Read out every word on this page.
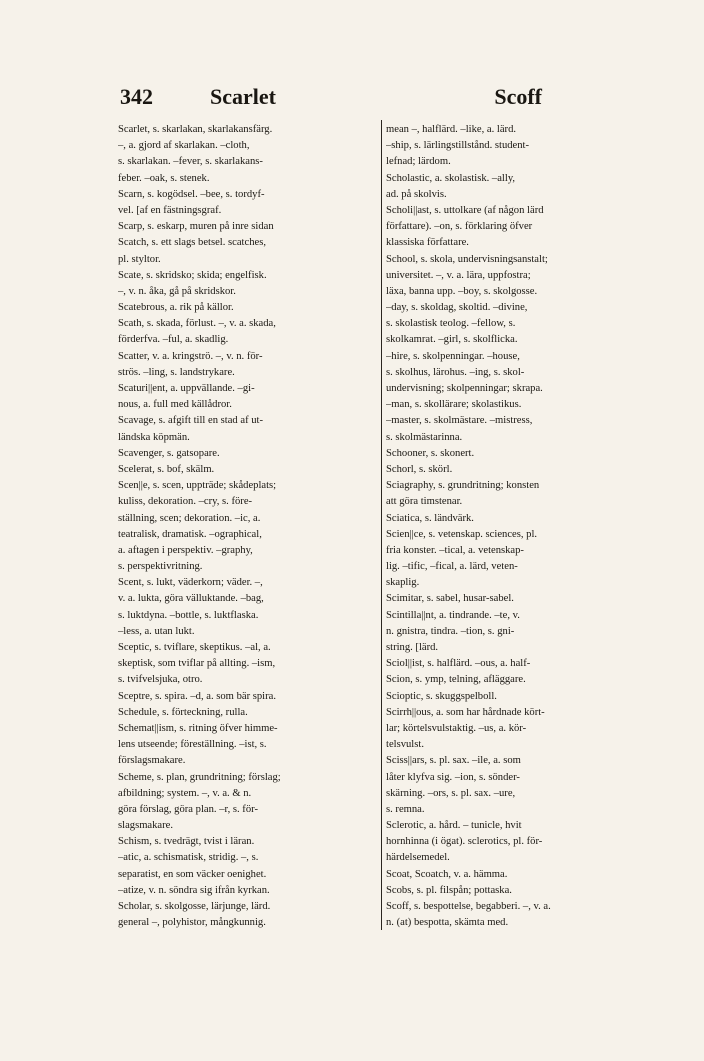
342	Scarlet	Scoff
Scarlet, s. skarlakan, skarlakansfärg.
–, a. gjord af skarlakan. –cloth,
s. skarlakan. –fever, s. skarlakans-
feber. –oak, s. stenek.
Scarn, s. kogödsel. –bee, s. tordyf-
vel. [af en fästningsgraf.
Scarp, s. eskarp, muren på inre sidan
Scatch, s. ett slags betsel. scatches,
pl. styltor.
Scate, s. skridsko; skida; engelfisk.
–, v. n. åka, gå på skridskor.
Scatebrous, a. rik på källor.
Scath, s. skada, förlust. –, v. a. skada,
förderfva. –ful, a. skadlig.
Scatter, v. a. kringströ. –, v. n. för-
strös. –ling, s. landstrykare.
Scaturi||ent, a. uppvällande. –gi-
nous, a. full med källådror.
Scavage, s. afgift till en stad af ut-
ländska köpmän.
Scavenger, s. gatsopare.
Scelerat, s. bof, skälm.
Scen||e, s. scen, uppträde; skådeplats;
kuliss, dekoration. –cry, s. före-
ställning, scen; dekoration. –ic, a.
teatralisk, dramatisk. –ographical,
a. aftagen i perspektiv. –graphy,
s. perspektivritning.
Scent, s. lukt, väderkorn; väder. –,
v. a. lukta, göra välluktande. –bag,
s. luktdyna. –bottle, s. luktflaska.
–less, a. utan lukt.
Sceptic, s. tviflare, skeptikus. –al, a.
skeptisk, som tviflar på allting. –ism,
s. tvifvelsjuka, otro.
Sceptre, s. spira. –d, a. som bär spira.
Schedule, s. förteckning, rulla.
Schemat||ism, s. ritning öfver himme-
lens utseende; föreställning. –ist, s.
förslagsmakare.
Scheme, s. plan, grundritning; förslag;
afbildning; system. –, v. a. & n.
göra förslag, göra plan. –r, s. för-
slagsmakare.
Schism, s. tvedrägt, tvist i läran.
–atic, a. schismatisk, stridig. –, s.
separatist, en som väcker oenighet.
–atize, v. n. söndra sig ifrån kyrkan.
Scholar, s. skolgosse, lärjunge, lärd.
general –, polyhistor, mångkunnig.
mean –, halflärd. –like, a. lärd.
–ship, s. lärlingstillstånd. student-
lefnad; lärdom.
Scholastic, a. skolastisk. –ally,
ad. på skolvis.
Scholi||ast, s. uttolkare (af någon lärd
författare). –on, s. förklaring öfver
klassiska författare.
School, s. skola, undervisningsanstalt;
universitet. –, v. a. lära, uppfostra;
läxa, banna upp. –boy, s. skolgosse.
–day, s. skoldag, skoltid. –divine,
s. skolastisk teolog. –fellow, s.
skolkamrat. –girl, s. skolflicka.
–hire, s. skolpenningar. –house,
s. skolhus, lärohus. –ing, s. skol-
undervisning; skolpenningar; skrapa.
–man, s. skollärare; skolastikus.
–master, s. skolmästare. –mistress,
s. skolmästarinna.
Schooner, s. skonert.
Schorl, s. skörl.
Sciagraphy, s. grundritning; konsten
att göra timstenar.
Sciatica, s. ländvärk.
Scien||ce, s. vetenskap. sciences, pl.
fria konster. –tical, a. vetenskap-
lig. –tific, –fical, a. lärd, veten-
skaplig.
Scimitar, s. sabel, husar-sabel.
Scintilla||nt, a. tindrande. –te, v.
n. gnistra, tindra. –tion, s. gni-
string. [lärd.
Sciol||ist, s. halflärd. –ous, a. half-
Scion, s. ymp, telning, afläggare.
Scioptic, s. skuggspelboll.
Scirrh||ous, a. som har hårdnade kört-
lar; körtelsvulstaktig. –us, a. kör-
telsvulst.
Sciss||ars, s. pl. sax. –ile, a. som
låter klyfva sig. –ion, s. sönder-
skärning. –ors, s. pl. sax. –ure,
s. remna.
Sclerotic, a. hård. – tunicle, hvit
hornhinna (i ögat). sclerotics, pl. för-
härdelsemedel.
Scoat, Scoatch, v. a. hämma.
Scobs, s. pl. filspån; pottaska.
Scoff, s. bespottelse, begabberi. –, v. a.
n. (at) bespotta, skämta med.
